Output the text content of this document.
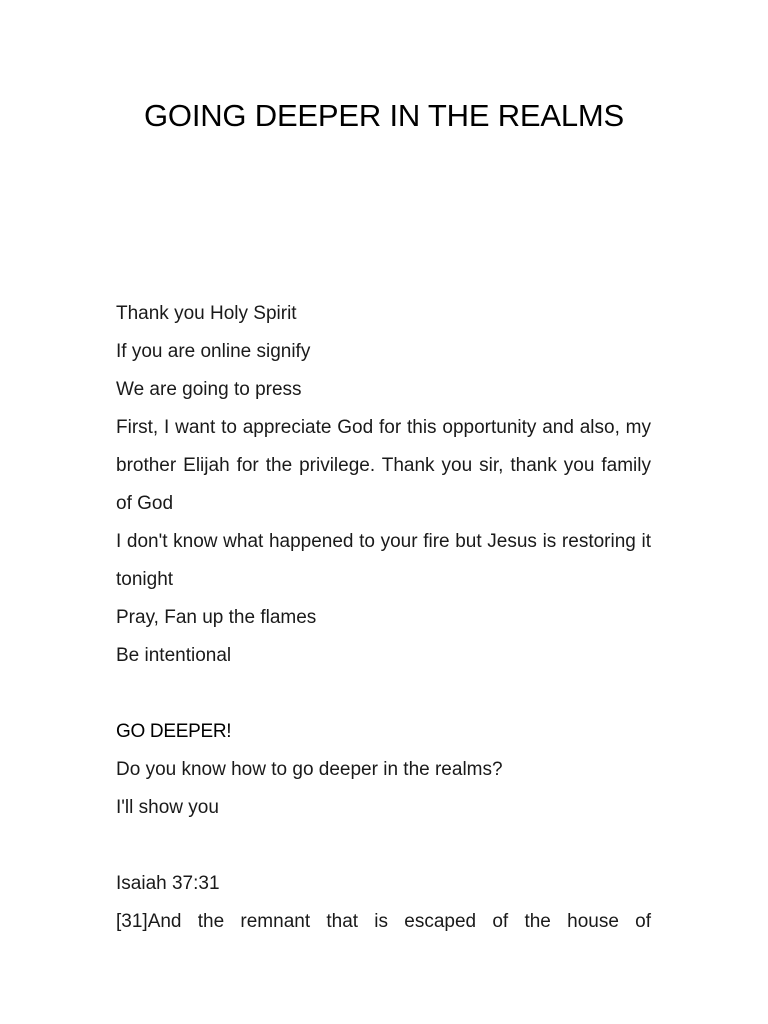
GOING DEEPER IN THE REALMS

Thank you Holy Spirit

If you are online signify

We are going to press

First, I want to appreciate God for this opportunity and also, my brother Elijah for the privilege. Thank you sir, thank you family of God

I don't know what happened to your fire but Jesus is restoring it tonight

Pray, Fan up the flames

Be intentional

GO DEEPER!

Do you know how to go deeper in the realms?

I'll show you

Isaiah 37:31

[31]And the remnant that is escaped of the house of
